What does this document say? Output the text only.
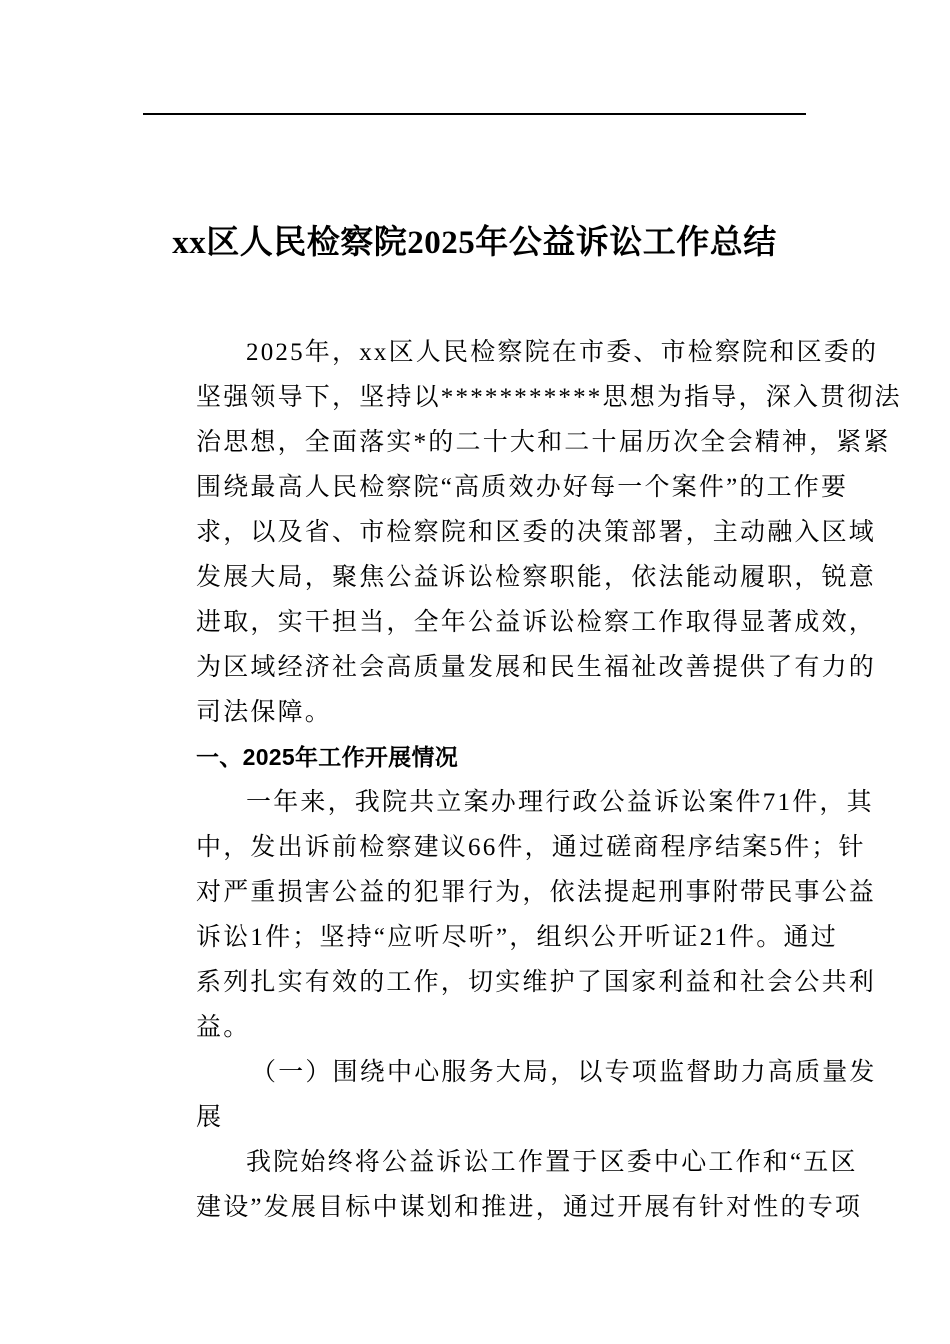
xx区人民检察院2025年公益诉讼工作总结
2025年，xx区人民检察院在市委、市检察院和区委的
坚强领导下，坚持以***********思想为指导，深入贯彻法
治思想，全面落实*的二十大和二十届历次全会精神，紧紧
围绕最高人民检察院“高质效办好每一个案件”的工作要
求，以及省、市检察院和区委的决策部署，主动融入区域
发展大局，聚焦公益诉讼检察职能，依法能动履职，锐意
进取，实干担当，全年公益诉讼检察工作取得显著成效，
为区域经济社会高质量发展和民生福祉改善提供了有力的
司法保障。
一、2025年工作开展情况
一年来，我院共立案办理行政公益诉讼案件71件，其
中，发出诉前检察建议66件，通过磋商程序结案5件；针
对严重损害公益的犯罪行为，依法提起刑事附带民事公益
诉讼1件；坚持“应听尽听”，组织公开听证21件。通过
系列扎实有效的工作，切实维护了国家利益和社会公共利
益。
（一）围绕中心服务大局，以专项监督助力高质量发
展
我院始终将公益诉讼工作置于区委中心工作和“五区
建设”发展目标中谋划和推进，通过开展有针对性的专项
